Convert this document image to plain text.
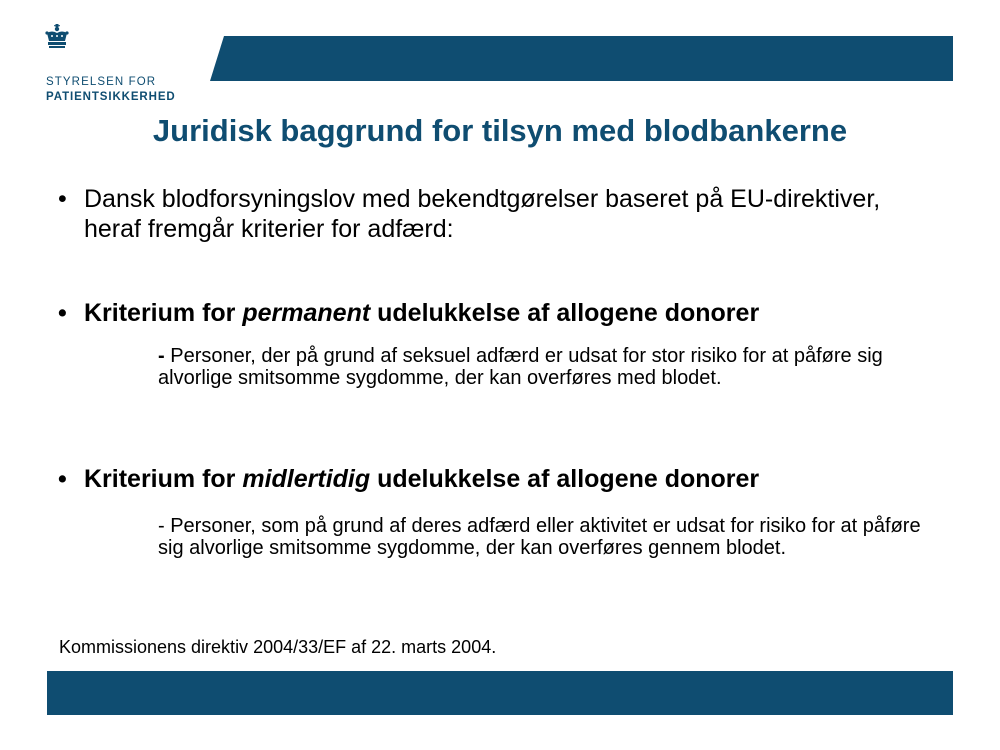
STYRELSEN FOR
PATIENTSIKKERHED
Juridisk baggrund for tilsyn med blodbankerne
• Dansk blodforsyningslov med bekendtgørelser baseret på EU-direktiver, heraf fremgår kriterier for adfærd:
• Kriterium for permanent udelukkelse af allogene donorer
- Personer, der på grund af seksuel adfærd er udsat for stor risiko for at påføre sig alvorlige smitsomme sygdomme, der kan overføres med blodet.
• Kriterium for midlertidig udelukkelse af allogene donorer
- Personer, som på grund af deres adfærd eller aktivitet er udsat for risiko for at påføre sig alvorlige smitsomme sygdomme, der kan overføres gennem blodet.
Kommissionens direktiv 2004/33/EF af 22. marts 2004.
